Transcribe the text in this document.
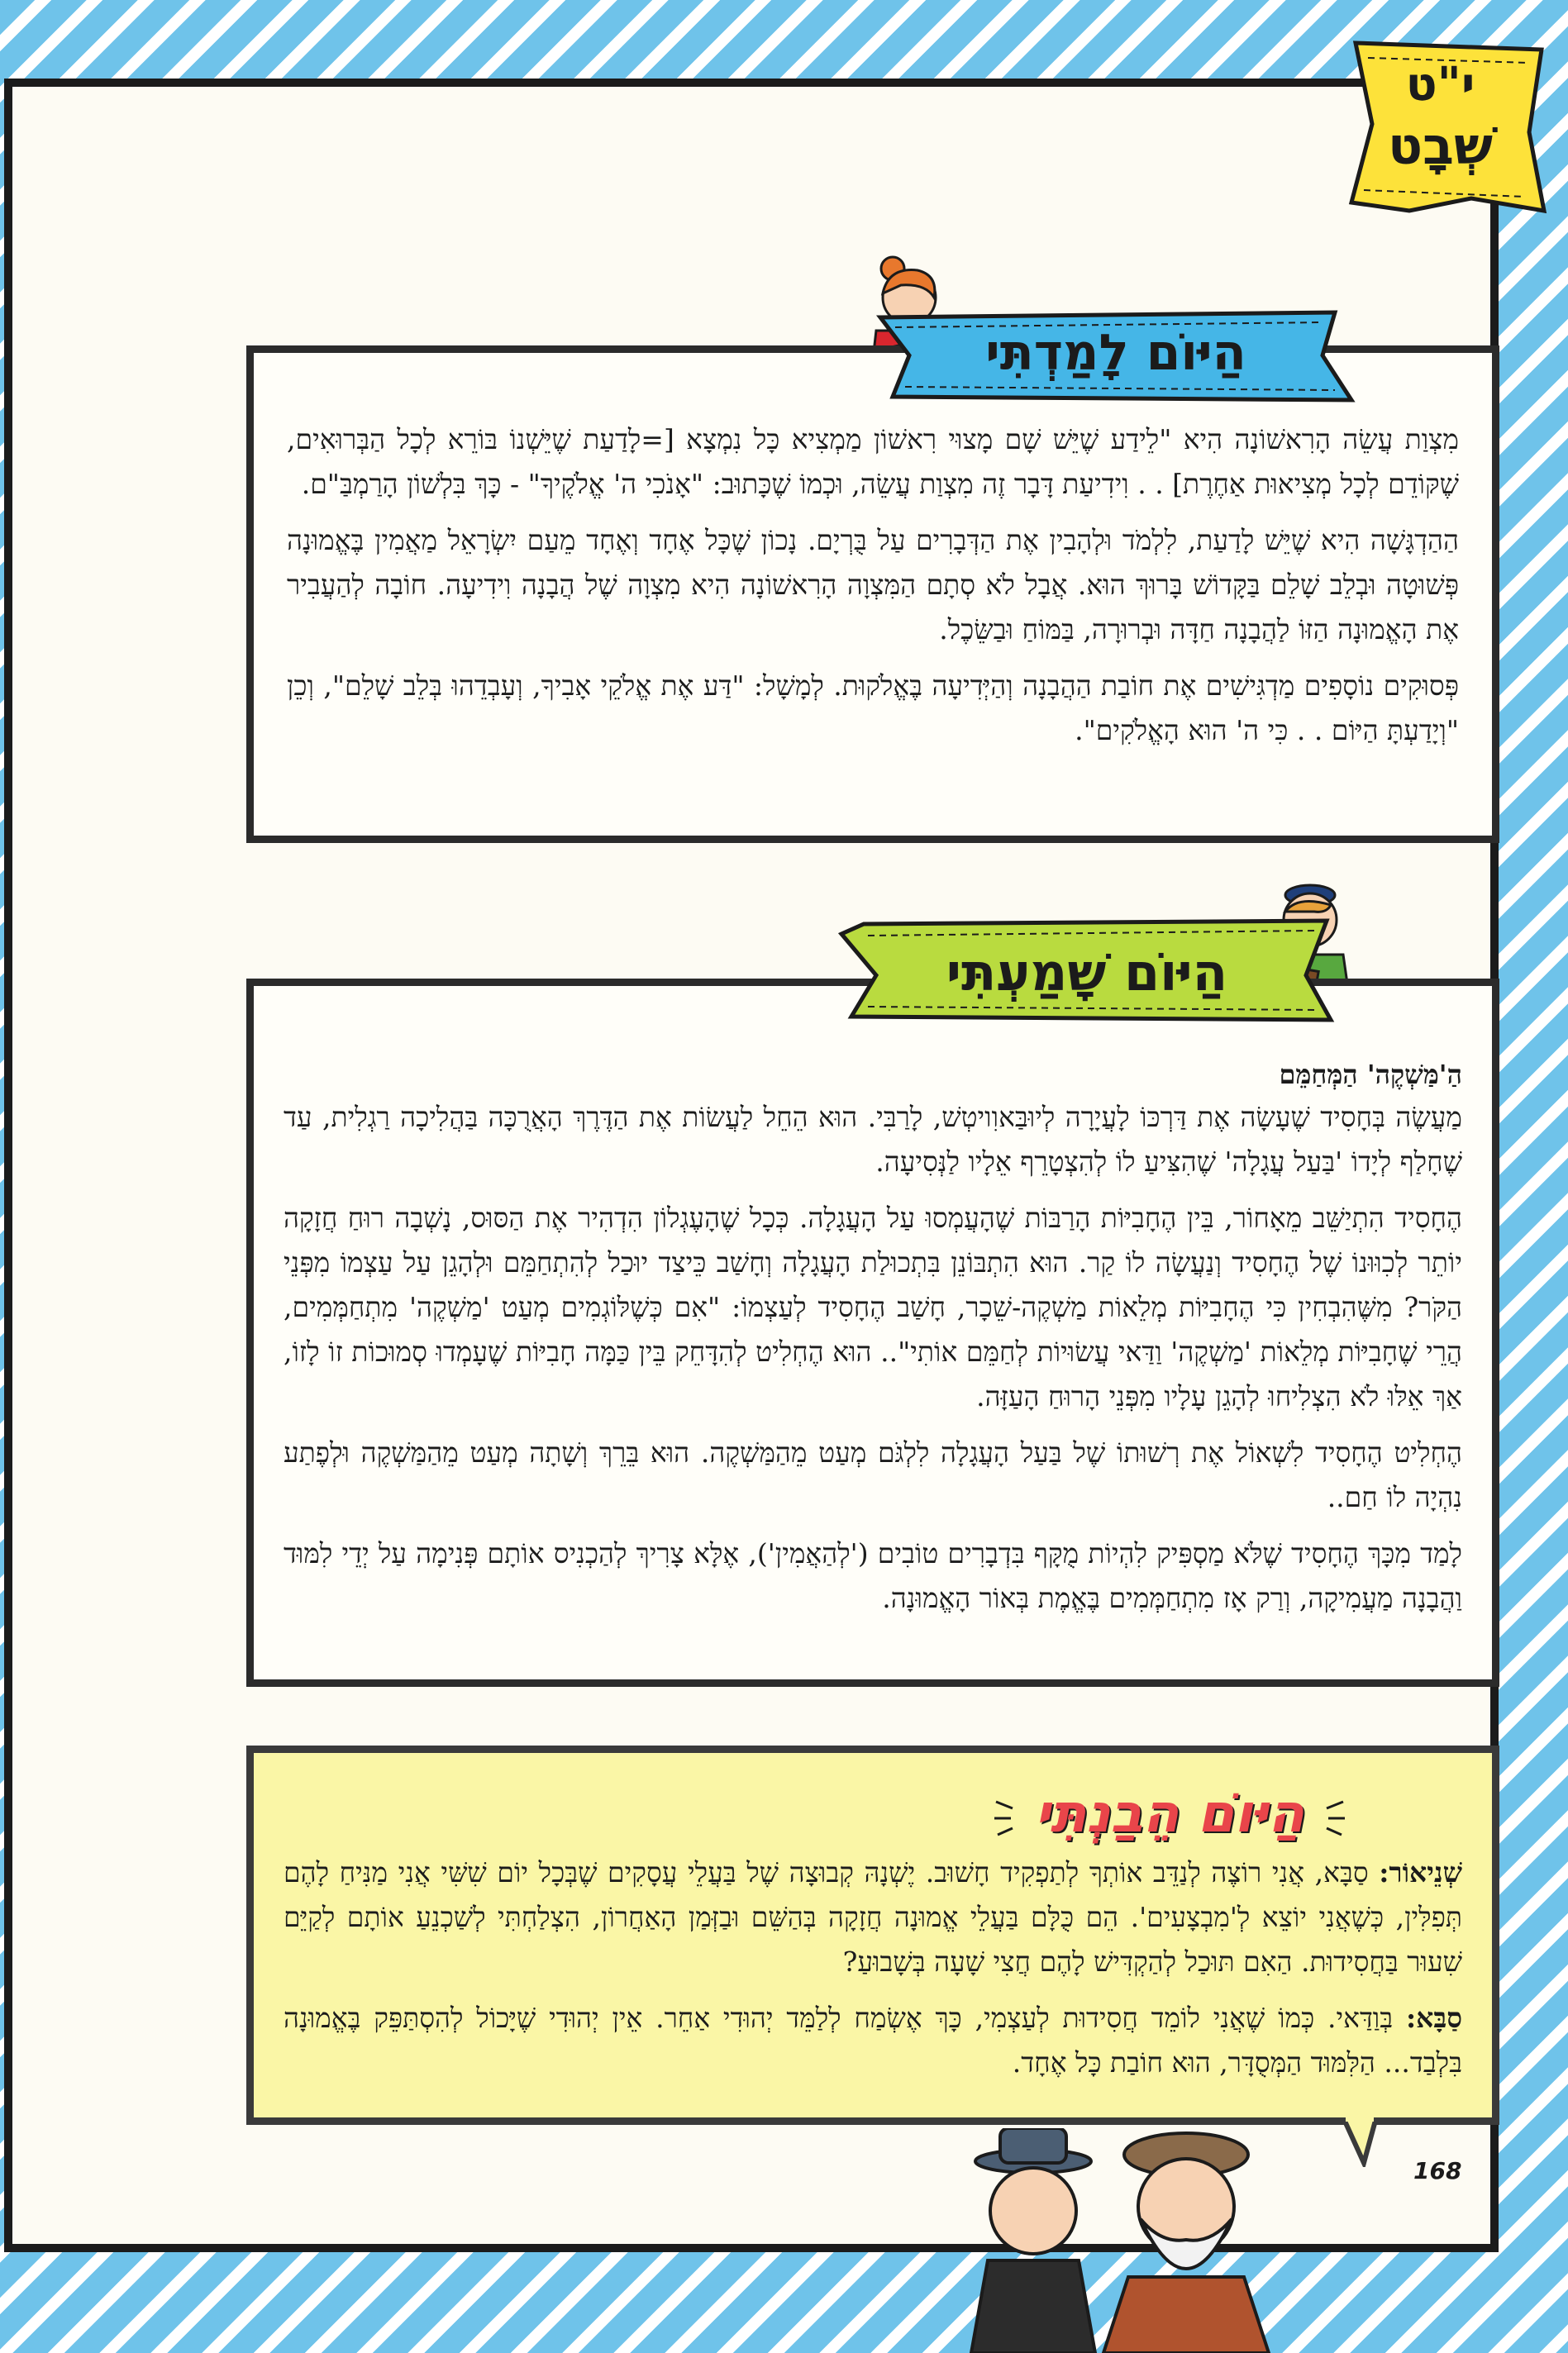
י"ט
שְׁבָט

מִצְוַת עֲשֵׂה הָרִאשׁוֹנָה הִיא "לֵידַע שֶׁיֵּשׁ שָׁם מָצוּי רִאשׁוֹן מַמְצִיא כָּל נִמְצָא [=לָדַעַת שֶׁיֵּשְׁנוֹ בּוֹרֵא לְכָל הַבְּרוּאִים, שֶׁקּוֹדֵם לְכָל מְצִיאוּת אַחֶרֶת] . . וִידִיעַת דָּבָר זֶה מִצְוַת עֲשֵׂה, וּכְמוֹ שֶׁכָּתוּב: "אָנֹכִי ה' אֱלֹקֶיךָ" - כָּךְ בִּלְשׁוֹן הָרַמְבַּ"ם.

הַהַדְגָּשָׁה הִיא שֶׁיֵּשׁ לָדַעַת, לִלְמֹד וּלְהָבִין אֶת הַדְּבָרִים עַל בֻּרְיָם. נָכוֹן שֶׁכָּל אֶחָד וְאֶחָד מֵעַם יִשְׂרָאֵל מַאֲמִין בֶּאֱמוּנָה פְּשׁוּטָה וּבְלֵב שָׁלֵם בַּקָּדוֹשׁ בָּרוּךְ הוּא. אֲבָל לֹא סְתָם הַמִּצְוָה הָרִאשׁוֹנָה הִיא מִצְוָה שֶׁל הֲבָנָה וִידִיעָה. חוֹבָה לְהַעֲבִיר אֶת הָאֱמוּנָה הַזּוֹ לַהֲבָנָה חַדָּה וּבְרוּרָה, בַּמּוֹחַ וּבַשֵּׂכֶל.

פְּסוּקִים נוֹסָפִים מַדְגִּישִׁים אֶת חוֹבַת הַהֲבָנָה וְהַיְּדִיעָה בֶּאֱלֹקוּת. לְמָשָׁל: "דַּע אֶת אֱלֹקֵי אָבִיךָ, וְעָבְדֵהוּ בְּלֵב שָׁלֵם", וְכֵן "וְיָדַעְתָּ הַיּוֹם . . כִּי ה' הוּא הָאֱלֹקִים".

הַיּוֹם לָמַדְתִּי
הַ'מַּשְׁקֶה' הַמְּחַמֵּם

מַעֲשֶׂה בְּחָסִיד שֶׁעָשָׂה אֶת דַּרְכּוֹ לָעֲיָרָה לְיוּבַּאוִויטְשׁ, לָרַבִּי. הוּא הֵחֵל לַעֲשׂוֹת אֶת הַדֶּרֶךְ הָאֲרֻכָּה בַּהֲלִיכָה רַגְלִית, עַד שֶׁחָלַף לְיָדוֹ 'בַּעַל עֲגָלָה' שֶׁהִצִּיעַ לוֹ לְהִצְטָרֵף אֵלָיו לַנְּסִיעָה.

הֶחָסִיד הִתְיַשֵּׁב מֵאָחוֹר, בֵּין הֶחָבִיּוֹת הָרַבּוֹת שֶׁהָעֲמְסוּ עַל הָעֲגָלָה. כְּכָל שֶׁהָעֶגְלוֹן הִדְהִיר אֶת הַסּוּס, נָשְׁבָה רוּחַ חֲזָקָה יוֹתֵר לְכִוּוּנוֹ שֶׁל הֶחָסִיד וְנַעֲשָׂה לוֹ קַר. הוּא הִתְבּוֹנֵן בִּתְכוּלַת הָעֲגָלָה וְחָשַׁב כֵּיצַד יוּכַל לְהִתְחַמֵּם וּלְהָגֵן עַל עַצְמוֹ מִפְּנֵי הַקֹּר? מִשֶּׁהִבְחִין כִּי הֶחָבִיּוֹת מְלֵאוֹת מַשְׁקֶה-שֵׁכָר, חָשַׁב הֶחָסִיד לְעַצְמוֹ: "אִם כְּשֶׁלּוֹגְמִים מְעַט 'מַשְׁקֶה' מִתְחַמְּמִים, הֲרֵי שֶׁחָבִיּוֹת מְלֵאוֹת 'מַשְׁקֶה' וַדַּאי עֲשׂוּיוֹת לְחַמֵּם אוֹתִי".. הוּא הֶחְלִיט לְהִדָּחֵק בֵּין כַּמָּה חָבִיּוֹת שֶׁעָמְדוּ סְמוּכוֹת זוֹ לָזוֹ, אַךְ אֵלּוּ לֹא הִצְלִיחוּ לְהָגֵן עָלָיו מִפְּנֵי הָרוּחַ הָעַזָּה.

הֶחְלִיט הֶחָסִיד לִשְׁאוֹל אֶת רְשׁוּתוֹ שֶׁל בַּעַל הָעֲגָלָה לִלְגֹּם מְעַט מֵהַמַּשְׁקֶה. הוּא בֵּרֵךְ וְשָׁתָה מְעַט מֵהַמַּשְׁקֶה וּלְפֶתַע נִהְיָה לוֹ חַם..

לָמַד מִכָּךְ הֶחָסִיד שֶׁלֹּא מַסְפִּיק לִהְיוֹת מֻקָּף בִּדְבָרִים טוֹבִים ('לְהַאֲמִין'), אֶלָּא צָרִיךְ לְהַכְנִיס אוֹתָם פְּנִימָה עַל יְדֵי לִמּוּד וַהֲבָנָה מַעֲמִיקָה, וְרַק אָז מִתְחַמְּמִים בֶּאֱמֶת בְּאוֹר הָאֱמוּנָה.

הַיּוֹם שָׁמַעְתִּי

שְׁנֵיאוֹר: סַבָּא, אֲנִי רוֹצֶה לְנַדֵּב אוֹתְךָ לְתַפְקִיד חָשׁוּב. יֶשְׁנָהּ קְבוּצָה שֶׁל בַּעֲלֵי עֲסָקִים שֶׁבְּכָל יוֹם שִׁשִּׁי אֲנִי מַנִּיחַ לָהֶם תְּפִלִּין, כְּשֶׁאֲנִי יוֹצֵא לְ'מִבְצָעִים'. הֵם כֻּלָּם בַּעֲלֵי אֱמוּנָה חֲזָקָה בְּהַשֵּׁם וּבַזְּמַן הָאַחֲרוֹן, הִצְלַחְתִּי לְשַׁכְנֵעַ אוֹתָם לְקַיֵּם שִׁעוּר בַּחֲסִידוּת. הַאִם תּוּכַל לְהַקְדִּישׁ לָהֶם חֲצִי שָׁעָה בְּשָׁבוּעַ?

סַבָּא: בְּוַדַּאי. כְּמוֹ שֶׁאֲנִי לוֹמֵד חֲסִידוּת לְעַצְמִי, כָּךְ אֶשְׂמַח לְלַמֵּד יְהוּדִי אַחֵר. אֵין יְהוּדִי שֶׁיָּכוֹל לְהִסְתַּפֵּק בֶּאֱמוּנָה בִּלְבַד... הַלִּמּוּד הַמְּסֻדָּר, הוּא חוֹבַת כָּל אֶחָד.

הַיּוֹם הֵבַנְתִּי
168
